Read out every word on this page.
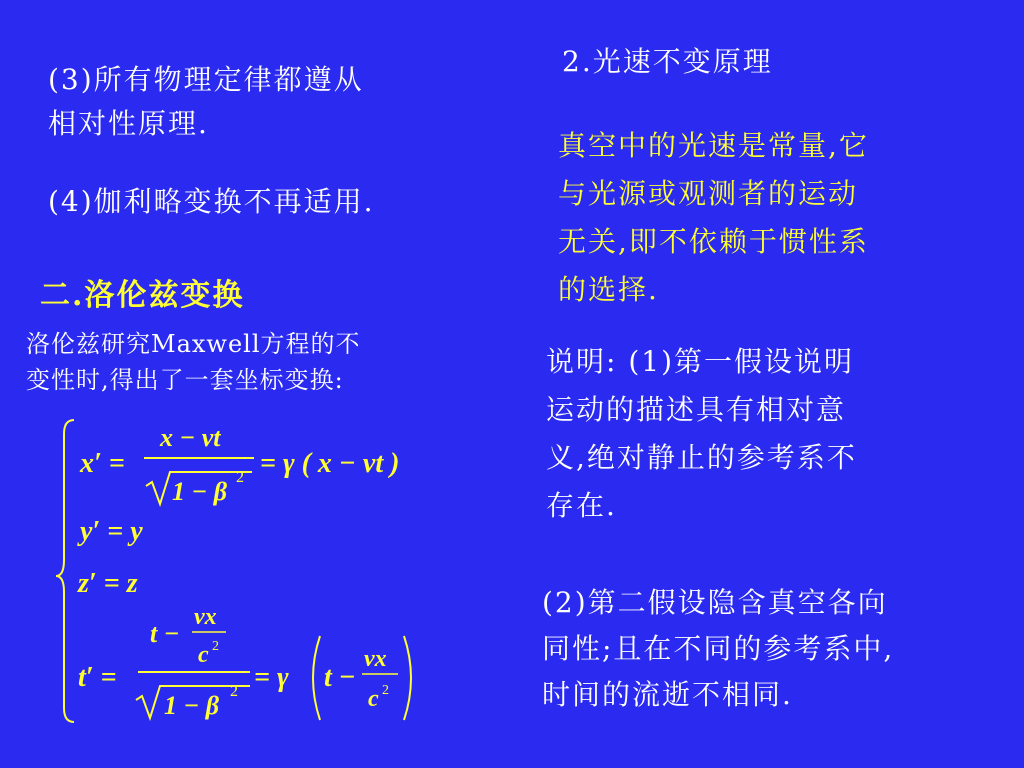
(3)所有物理定律都遵从
相对性原理.
(4)伽利略变换不再适用.
二.洛伦兹变换
洛伦兹研究Maxwell方程的不
变性时,得出了一套坐标变换:
x′ =
x − vt
1 − β 2 = γ ( x − vt )
y′ = y
z′ = z
t′ =
t −
vx
c 2
1 − β 2 = γ t −
vx
c 2
2.光速不变原理
真空中的光速是常量,它
与光源或观测者的运动
无关,即不依赖于惯性系
的选择.
说明: (1)第一假设说明
运动的描述具有相对意
义,绝对静止的参考系不
存在.
(2)第二假设隐含真空各向
同性;且在不同的参考系中,
时间的流逝不相同.
